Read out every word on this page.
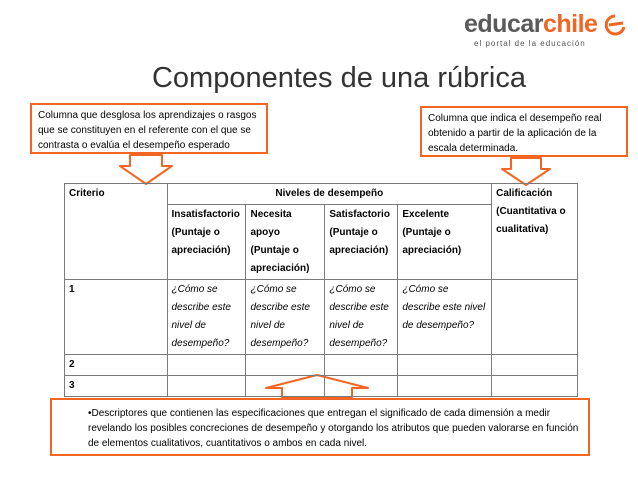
educarchile
el portal de la educación
Componentes de una rúbrica
Columna que desglosa los aprendizajes o rasgos que se constituyen en el referente con el que se contrasta o evalúa el desempeño esperado
Columna que indica el desempeño real obtenido a partir de la aplicación de la escala determinada.
•Descriptores que contienen las especificaciones que entregan el significado de cada dimensión a medir revelando los posibles concreciones de desempeño y otorgando los atributos que pueden valorarse en función de elementos cualitativos, cuantitativos o ambos en cada nivel.
Criterio	Niveles de desempeño				Calificación (Cuantitativa o cualitativa)
	Insatisfactorio (Puntaje o apreciación)	Necesita apoyo (Puntaje o apreciación)	Satisfactorio (Puntaje o apreciación)	Excelente (Puntaje o apreciación)	
1	¿Cómo se describe este nivel de desempeño?	¿Cómo se describe este nivel de desempeño?	¿Cómo se describe este nivel de desempeño?	¿Cómo se describe este nivel de desempeño?	
2					
3					
